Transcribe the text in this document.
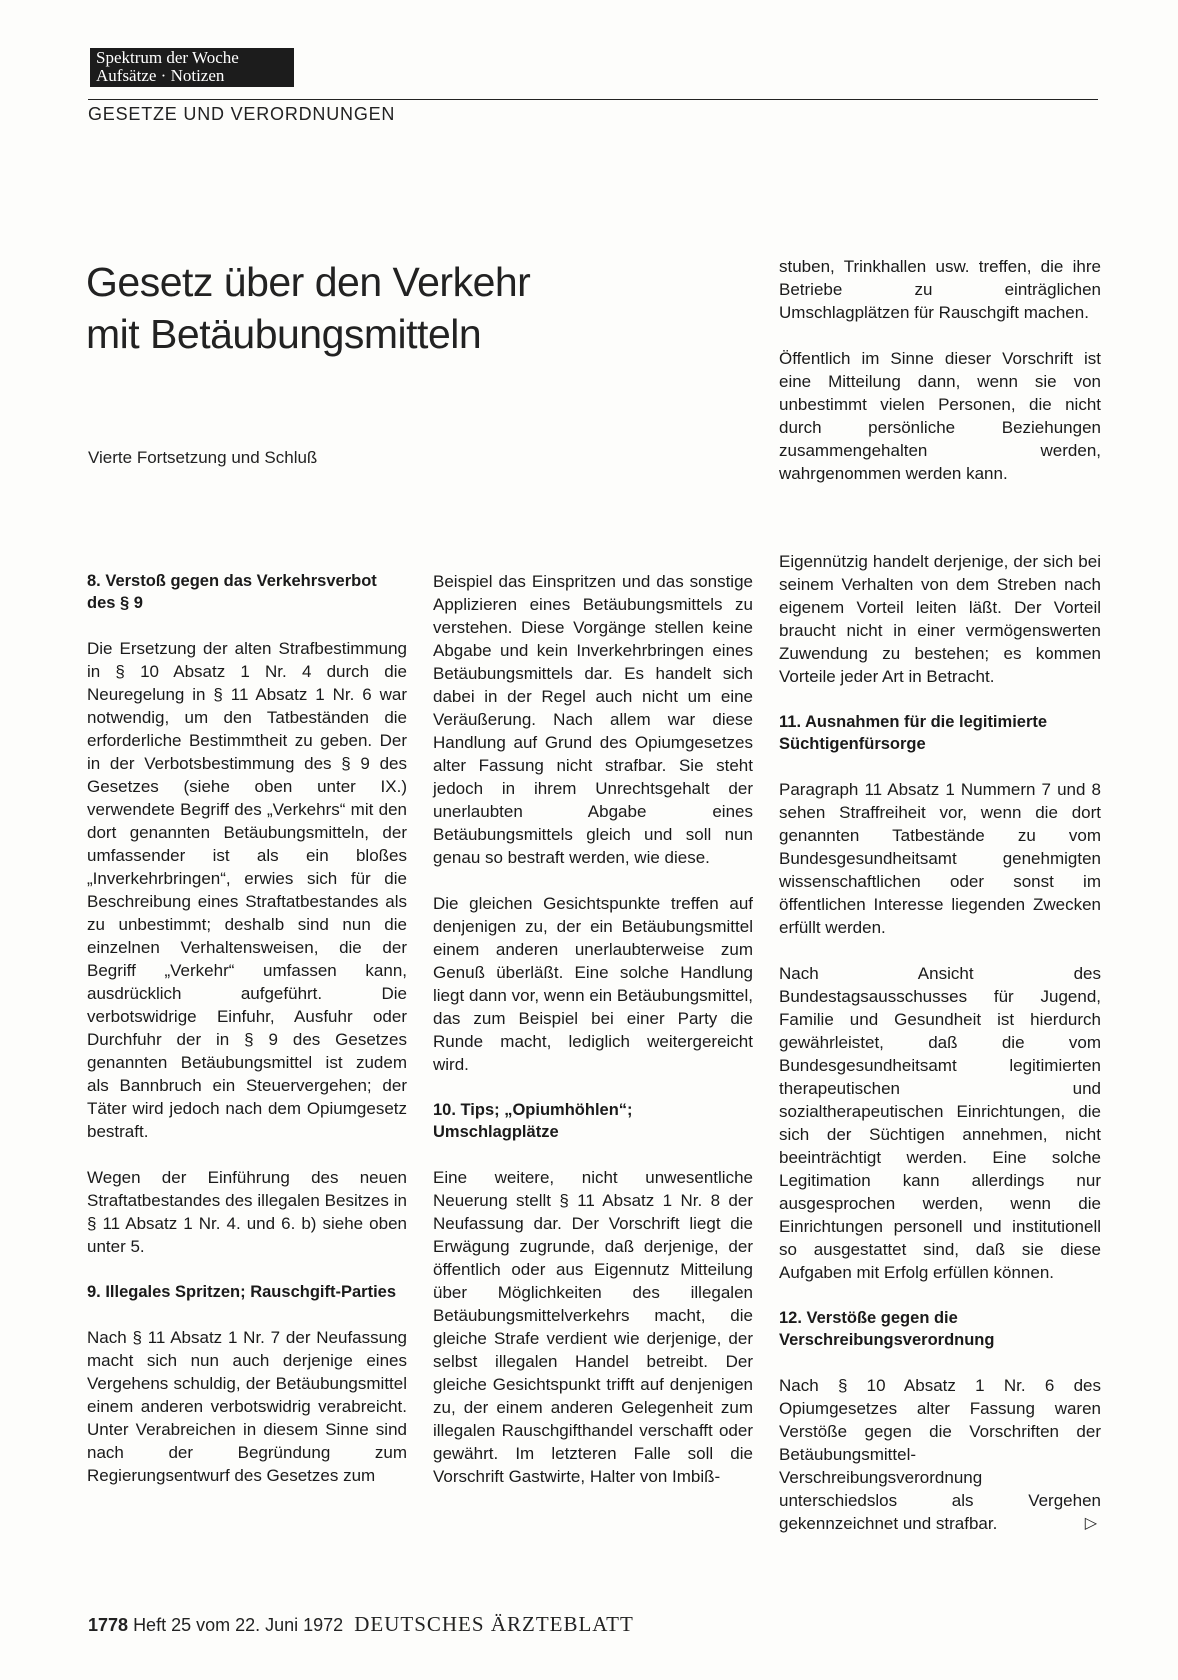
Spektrum der Woche
Aufsätze · Notizen
GESETZE UND VERORDNUNGEN
Gesetz über den Verkehr
mit Betäubungsmitteln
Vierte Fortsetzung und Schluß
8. Verstoß gegen das Verkehrsverbot des § 9

Die Ersetzung der alten Strafbestimmung in § 10 Absatz 1 Nr. 4 durch die Neuregelung in § 11 Absatz 1 Nr. 6 war notwendig, um den Tatbeständen die erforderliche Bestimmtheit zu geben. Der in der Verbotsbestimmung des § 9 des Gesetzes (siehe oben unter IX.) verwendete Begriff des „Verkehrs“ mit den dort genannten Betäubungsmitteln, der umfassender ist als ein bloßes „Inverkehrbringen“, erwies sich für die Beschreibung eines Straftatbestandes als zu unbestimmt; deshalb sind nun die einzelnen Verhaltensweisen, die der Begriff „Verkehr“ umfassen kann, ausdrücklich aufgeführt. Die verbotswidrige Einfuhr, Ausfuhr oder Durchfuhr der in § 9 des Gesetzes genannten Betäubungsmittel ist zudem als Bannbruch ein Steuervergehen; der Täter wird jedoch nach dem Opiumgesetz bestraft.

Wegen der Einführung des neuen Straftatbestandes des illegalen Besitzes in § 11 Absatz 1 Nr. 4. und 6. b) siehe oben unter 5.

9. Illegales Spritzen; Rauschgift-Parties

Nach § 11 Absatz 1 Nr. 7 der Neufassung macht sich nun auch derjenige eines Vergehens schuldig, der Betäubungsmittel einem anderen verbotswidrig verabreicht. Unter Verabreichen in diesem Sinne sind nach der Begründung zum Regierungsentwurf des Gesetzes zum

Beispiel das Einspritzen und das sonstige Applizieren eines Betäubungsmittels zu verstehen. Diese Vorgänge stellen keine Abgabe und kein Inverkehrbringen eines Betäubungsmittels dar. Es handelt sich dabei in der Regel auch nicht um eine Veräußerung. Nach allem war diese Handlung auf Grund des Opiumgesetzes alter Fassung nicht strafbar. Sie steht jedoch in ihrem Unrechtsgehalt der unerlaubten Abgabe eines Betäubungsmittels gleich und soll nun genau so bestraft werden, wie diese.

Die gleichen Gesichtspunkte treffen auf denjenigen zu, der ein Betäubungsmittel einem anderen unerlaubterweise zum Genuß überläßt. Eine solche Handlung liegt dann vor, wenn ein Betäubungsmittel, das zum Beispiel bei einer Party die Runde macht, lediglich weitergereicht wird.

10. Tips; „Opiumhöhlen“; Umschlagplätze

Eine weitere, nicht unwesentliche Neuerung stellt § 11 Absatz 1 Nr. 8 der Neufassung dar. Der Vorschrift liegt die Erwägung zugrunde, daß derjenige, der öffentlich oder aus Eigennutz Mitteilung über Möglichkeiten des illegalen Betäubungsmittelverkehrs macht, die gleiche Strafe verdient wie derjenige, der selbst illegalen Handel betreibt. Der gleiche Gesichtspunkt trifft auf denjenigen zu, der einem anderen Gelegenheit zum illegalen Rauschgifthandel verschafft oder gewährt. Im letzteren Falle soll die Vorschrift Gastwirte, Halter von Imbiß-

stuben, Trinkhallen usw. treffen, die ihre Betriebe zu einträglichen Umschlagplätzen für Rauschgift machen.

Öffentlich im Sinne dieser Vorschrift ist eine Mitteilung dann, wenn sie von unbestimmt vielen Personen, die nicht durch persönliche Beziehungen zusammengehalten werden, wahrgenommen werden kann.

Eigennützig handelt derjenige, der sich bei seinem Verhalten von dem Streben nach eigenem Vorteil leiten läßt. Der Vorteil braucht nicht in einer vermögenswerten Zuwendung zu bestehen; es kommen Vorteile jeder Art in Betracht.

11. Ausnahmen für die legitimierte Süchtigenfürsorge

Paragraph 11 Absatz 1 Nummern 7 und 8 sehen Straffreiheit vor, wenn die dort genannten Tatbestände zu vom Bundesgesundheitsamt genehmigten wissenschaftlichen oder sonst im öffentlichen Interesse liegenden Zwecken erfüllt werden.

Nach Ansicht des Bundestagsausschusses für Jugend, Familie und Gesundheit ist hierdurch gewährleistet, daß die vom Bundesgesundheitsamt legitimierten therapeutischen und sozialtherapeutischen Einrichtungen, die sich der Süchtigen annehmen, nicht beeinträchtigt werden. Eine solche Legitimation kann allerdings nur ausgesprochen werden, wenn die Einrichtungen personell und institutionell so ausgestattet sind, daß sie diese Aufgaben mit Erfolg erfüllen können.

12. Verstöße gegen die Verschreibungsverordnung

Nach § 10 Absatz 1 Nr. 6 des Opiumgesetzes alter Fassung waren Verstöße gegen die Vorschriften der Betäubungsmittel-Verschreibungsverordnung unterschiedslos als Vergehen gekennzeichnet und strafbar.	▷

1778 Heft 25 vom 22. Juni 1972 DEUTSCHES ÄRZTEBLATT
